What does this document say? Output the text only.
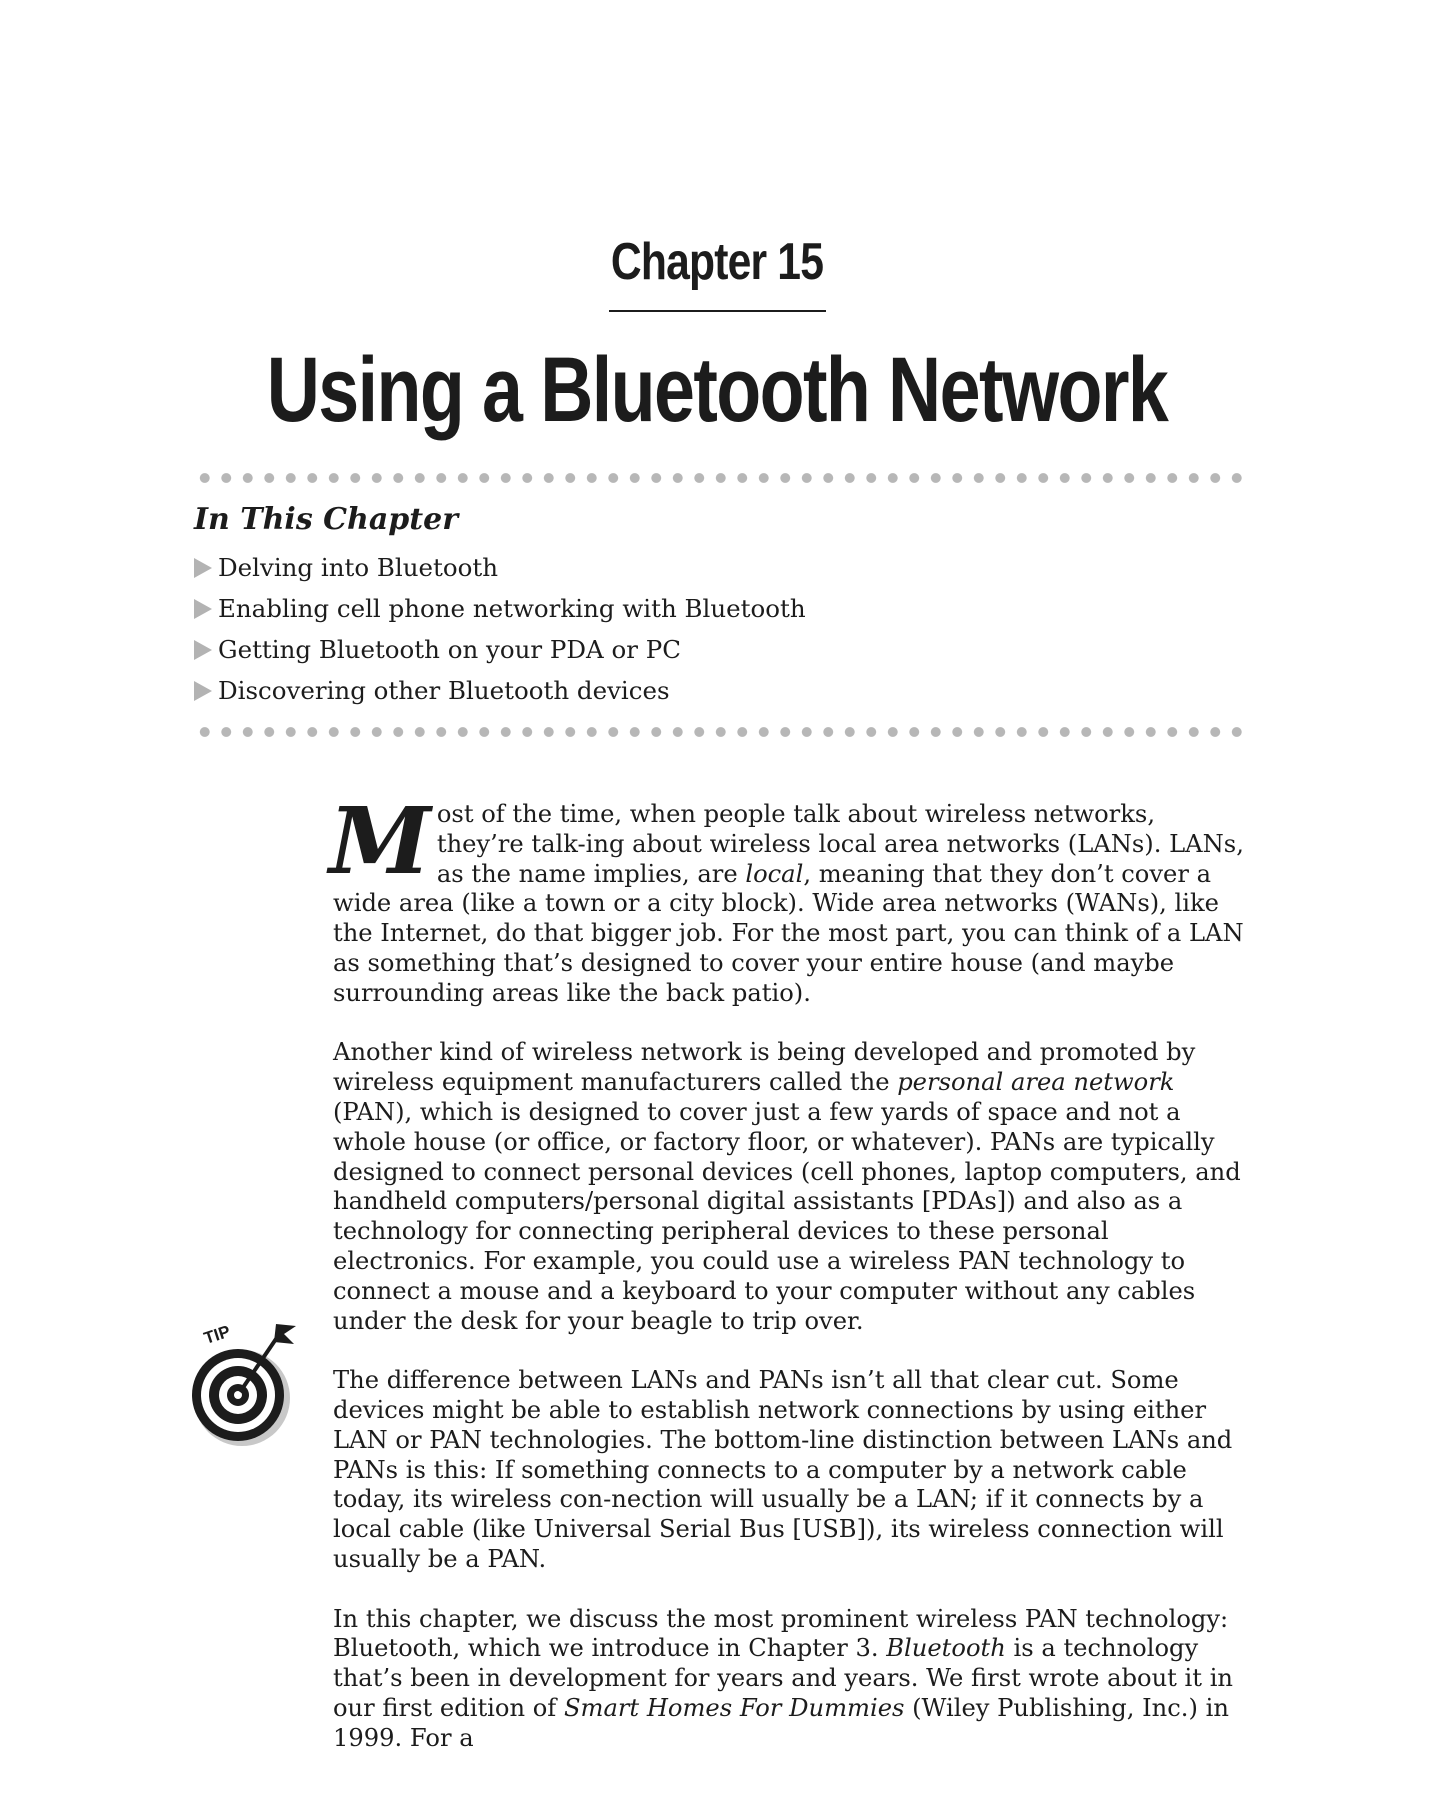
Chapter 15
Using a Bluetooth Network
In This Chapter
Delving into Bluetooth
Enabling cell phone networking with Bluetooth
Getting Bluetooth on your PDA or PC
Discovering other Bluetooth devices

Most of the time, when people talk about wireless networks, they’re talk-ing about wireless local area networks (LANs). LANs, as the name implies, are local, meaning that they don’t cover a wide area (like a town or a city block). Wide area networks (WANs), like the Internet, do that bigger job. For the most part, you can think of a LAN as something that’s designed to cover your entire house (and maybe surrounding areas like the back patio).

Another kind of wireless network is being developed and promoted by wireless equipment manufacturers called the personal area network (PAN), which is designed to cover just a few yards of space and not a whole house (or office, or factory floor, or whatever). PANs are typically designed to connect personal devices (cell phones, laptop computers, and handheld computers/personal digital assistants [PDAs]) and also as a technology for connecting peripheral devices to these personal electronics. For example, you could use a wireless PAN technology to connect a mouse and a keyboard to your computer without any cables under the desk for your beagle to trip over.

The difference between LANs and PANs isn’t all that clear cut. Some devices might be able to establish network connections by using either LAN or PAN technologies. The bottom-line distinction between LANs and PANs is this: If something connects to a computer by a network cable today, its wireless con-nection will usually be a LAN; if it connects by a local cable (like Universal Serial Bus [USB]), its wireless connection will usually be a PAN.

In this chapter, we discuss the most prominent wireless PAN technology: Bluetooth, which we introduce in Chapter 3. Bluetooth is a technology that’s been in development for years and years. We first wrote about it in our first edition of Smart Homes For Dummies (Wiley Publishing, Inc.) in 1999. For a

TIP
